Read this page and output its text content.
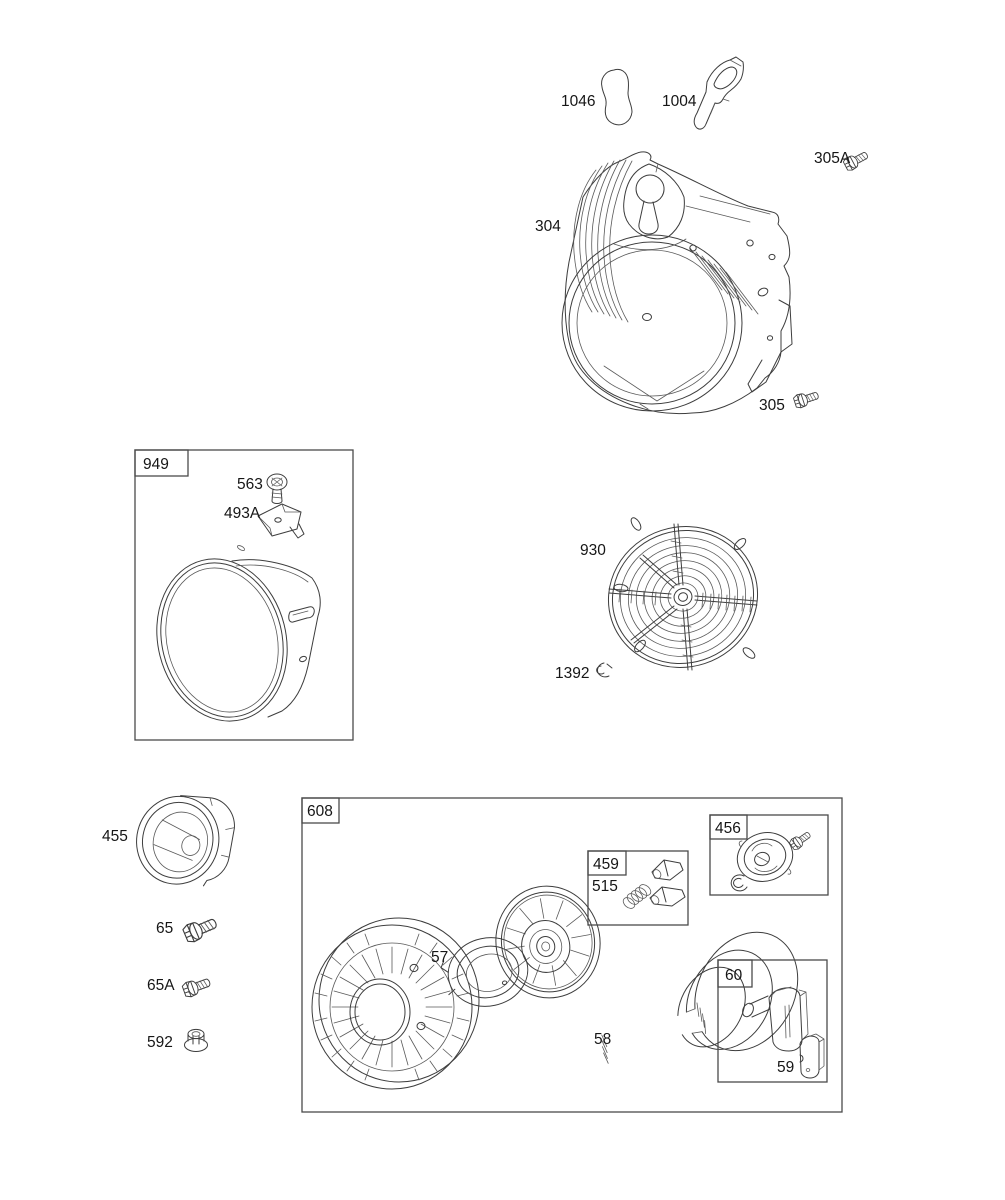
1046	1004
305A
304
305
949
563
493A
930
1392
455
65
65A
592
608
57
459
515
456
58
60
59
